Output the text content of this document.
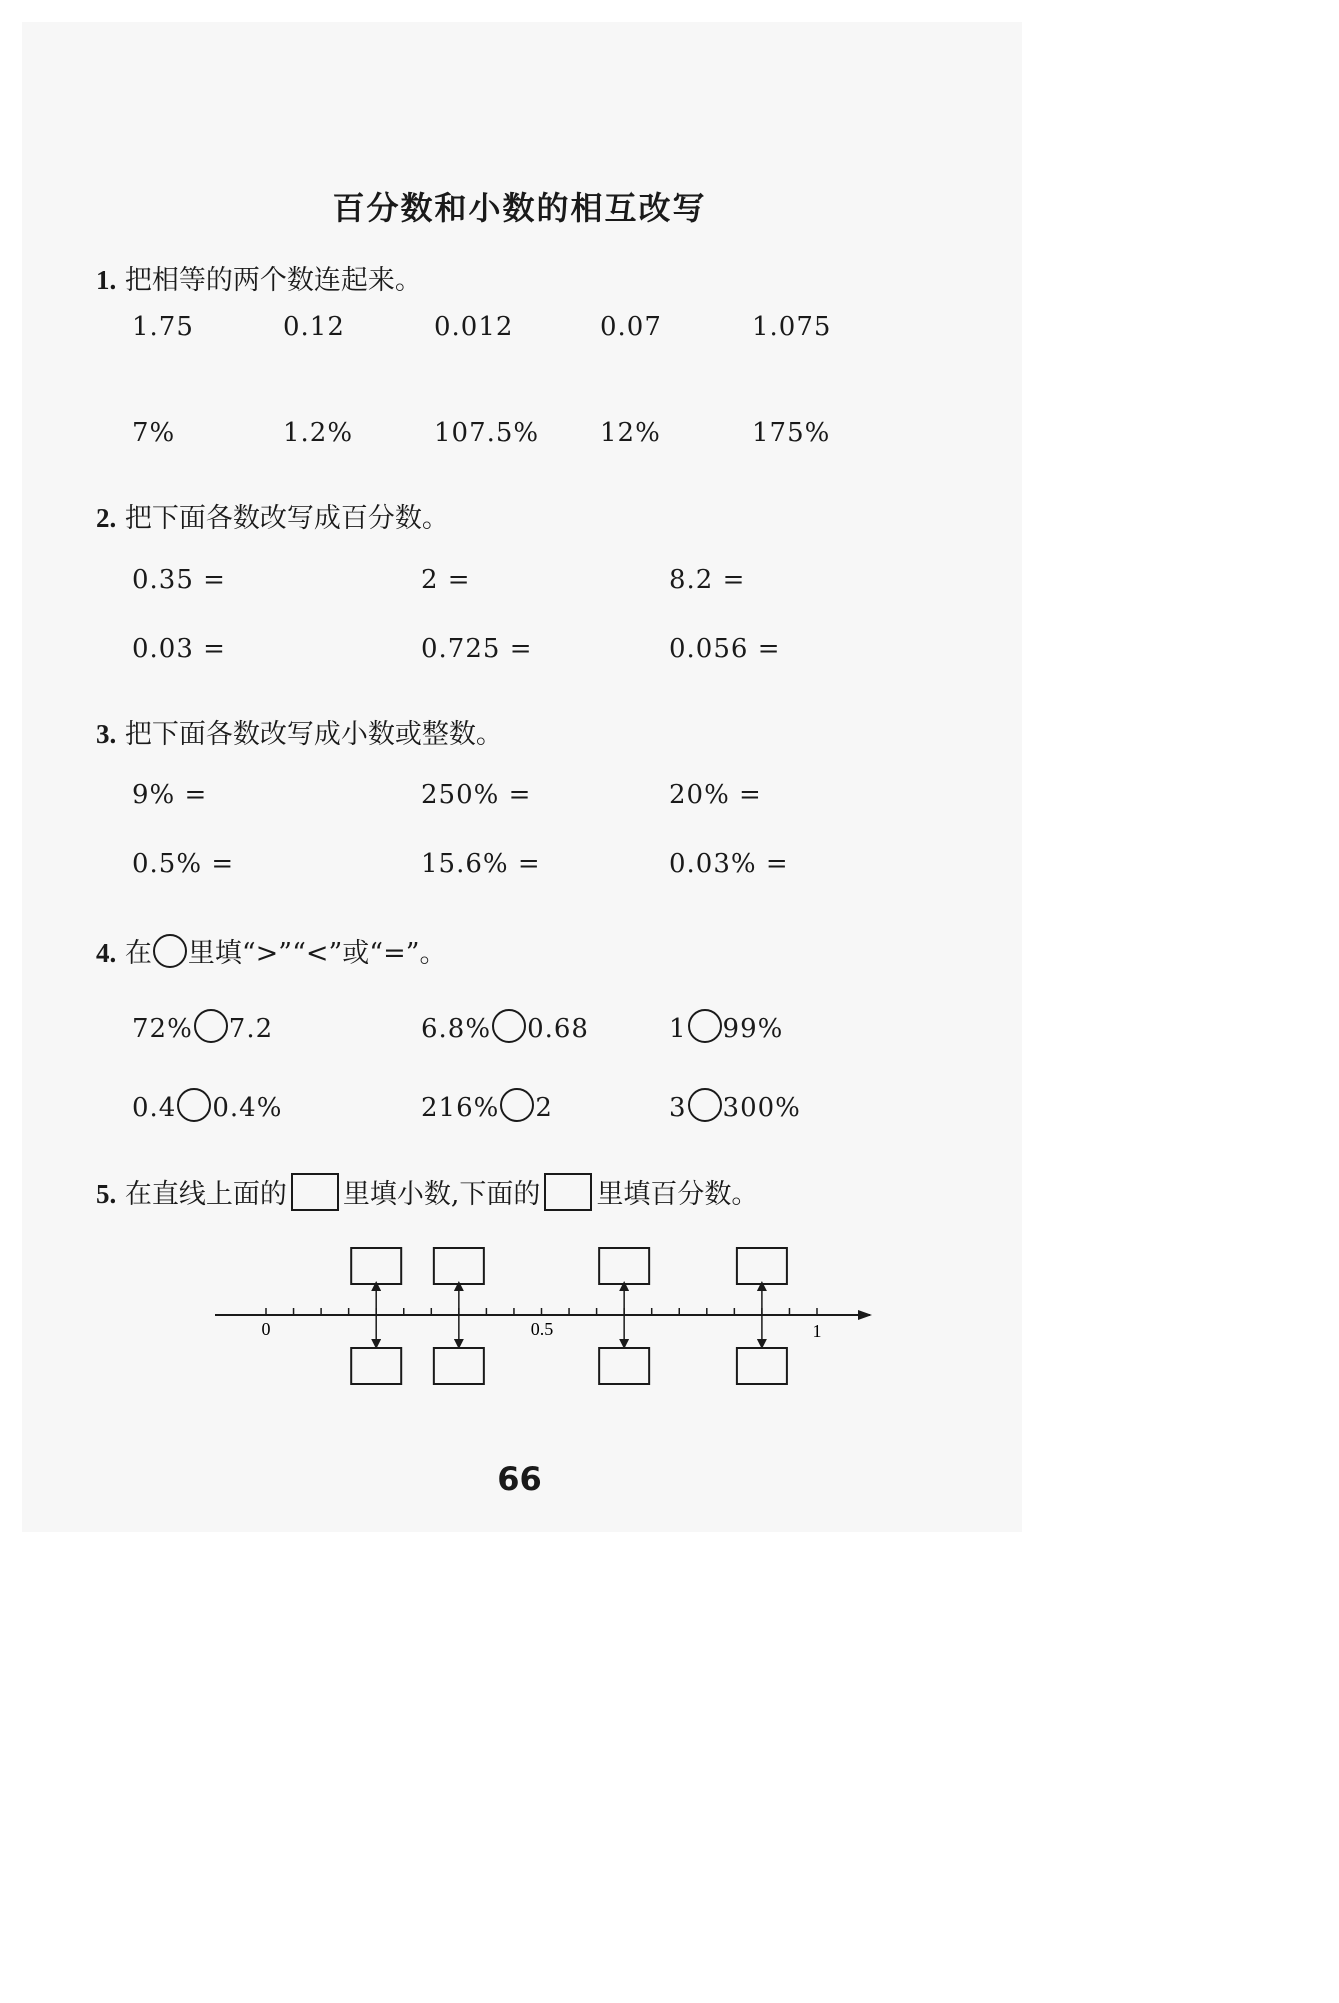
百分数和小数的相互改写
1. 把相等的两个数连起来。
1.75	0.12	0.012	0.07	1.075
7%	1.2%	107.5% 12%	175%
2. 把下面各数改写成百分数。
0.35 =	2 =	8.2 =
0.03 =	0.725 =	0.056 =
3. 把下面各数改写成小数或整数。
9% =	250% =	20% =
0.5% =	15.6% =	0.03% =
4. 在 里填“>”“<”或“=”。
72% 7.2	6.8% 0.68	1 99%
0.4 0.4%	216% 2	3 300%
5. 在直线上面的 里填小数,下面的 里填百分数。
0	0.5	1
66
